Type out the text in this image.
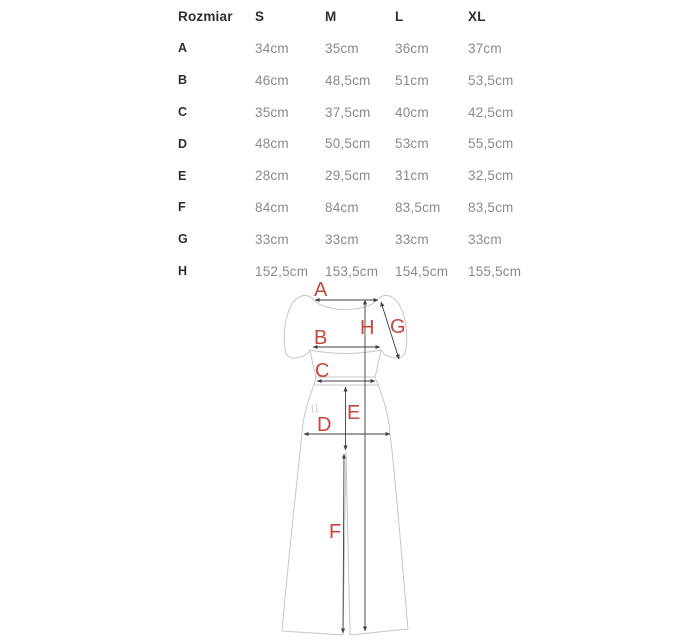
Rozmiar	S	M	L	XL
A	34cm	35cm	36cm	37cm
B	46cm	48,5cm	51cm	53,5cm
C	35cm	37,5cm	40cm	42,5cm
D	48cm	50,5cm	53cm	55,5cm
E	28cm	29,5cm	31cm	32,5cm
F	84cm	84cm	83,5cm	83,5cm
G	33cm	33cm	33cm	33cm
H	152,5cm	153,5cm	154,5cm	155,5cm
A
B
C
D
E
F
G
H
